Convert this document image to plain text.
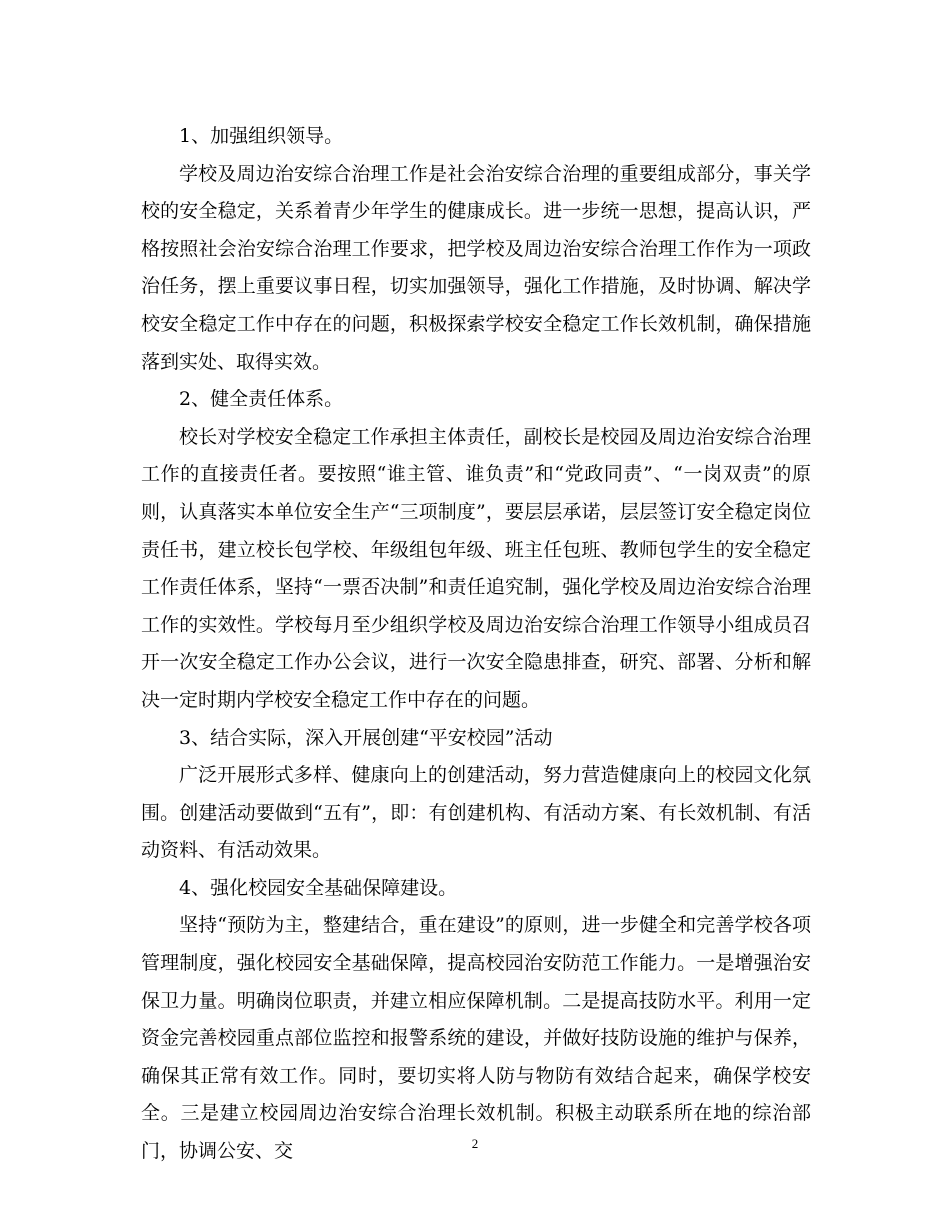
1、加强组织领导。

学校及周边治安综合治理工作是社会治安综合治理的重要组成部分，事关学校的安全稳定，关系着青少年学生的健康成长。进一步统一思想，提高认识，严格按照社会治安综合治理工作要求，把学校及周边治安综合治理工作作为一项政治任务，摆上重要议事日程，切实加强领导，强化工作措施，及时协调、解决学校安全稳定工作中存在的问题，积极探索学校安全稳定工作长效机制，确保措施落到实处、取得实效。

2、健全责任体系。

校长对学校安全稳定工作承担主体责任，副校长是校园及周边治安综合治理工作的直接责任者。要按照“谁主管、谁负责”和“党政同责”、“一岗双责”的原则，认真落实本单位安全生产“三项制度”，要层层承诺，层层签订安全稳定岗位责任书，建立校长包学校、年级组包年级、班主任包班、教师包学生的安全稳定工作责任体系，坚持“一票否决制”和责任追究制，强化学校及周边治安综合治理工作的实效性。学校每月至少组织学校及周边治安综合治理工作领导小组成员召开一次安全稳定工作办公会议，进行一次安全隐患排查，研究、部署、分析和解决一定时期内学校安全稳定工作中存在的问题。

3、结合实际，深入开展创建“平安校园”活动

广泛开展形式多样、健康向上的创建活动，努力营造健康向上的校园文化氛围。创建活动要做到“五有”，即：有创建机构、有活动方案、有长效机制、有活动资料、有活动效果。

4、强化校园安全基础保障建设。

坚持“预防为主，整建结合，重在建设”的原则，进一步健全和完善学校各项管理制度，强化校园安全基础保障，提高校园治安防范工作能力。一是增强治安保卫力量。明确岗位职责，并建立相应保障机制。二是提高技防水平。利用一定资金完善校园重点部位监控和报警系统的建设，并做好技防设施的维护与保养，确保其正常有效工作。同时，要切实将人防与物防有效结合起来，确保学校安全。三是建立校园周边治安综合治理长效机制。积极主动联系所在地的综治部门，协调公安、交	2
